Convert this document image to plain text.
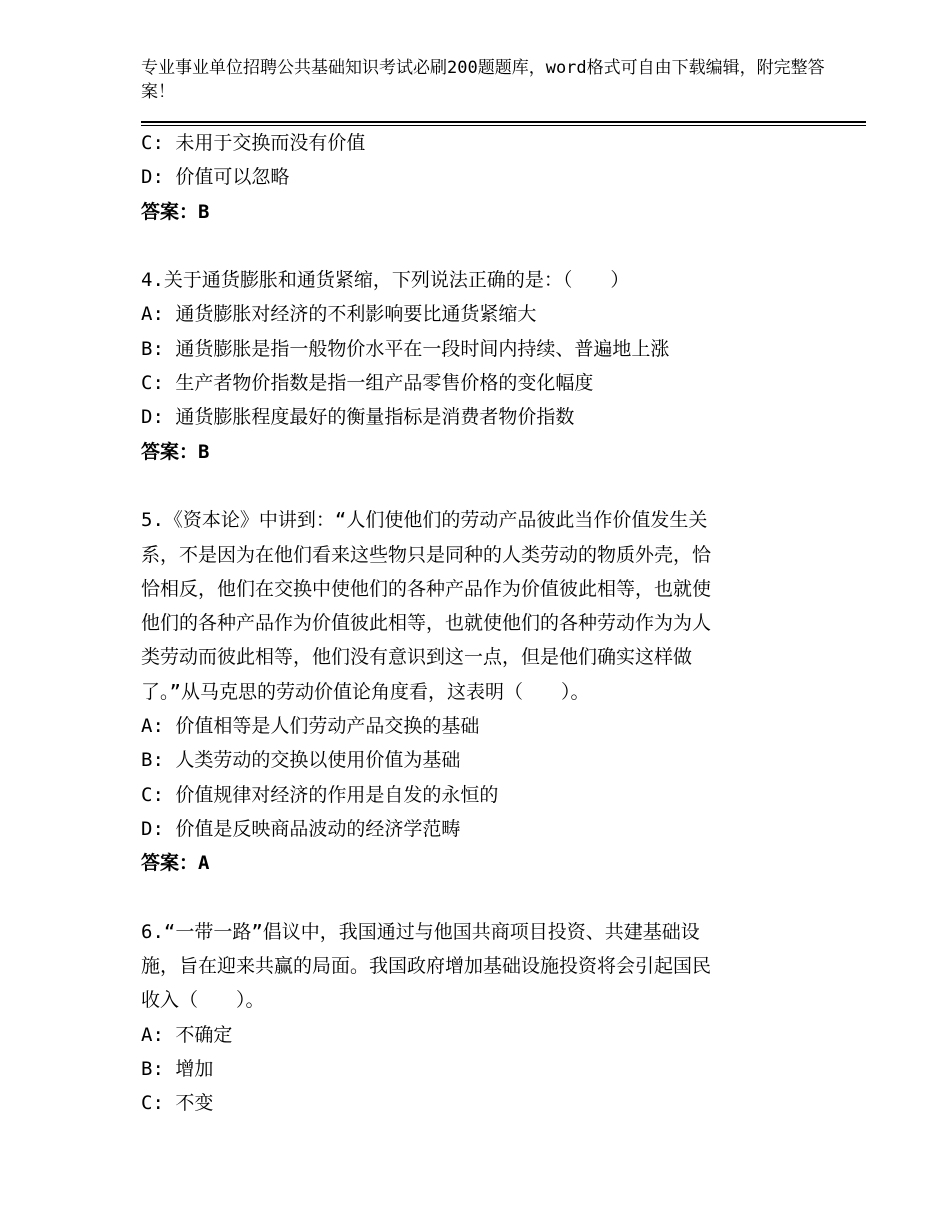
专业事业单位招聘公共基础知识考试必刷200题题库，word格式可自由下载编辑，附完整答案！
C: 未用于交换而没有价值
D: 价值可以忽略
答案：B
4.关于通货膨胀和通货紧缩，下列说法正确的是：（　　）
A: 通货膨胀对经济的不利影响要比通货紧缩大
B: 通货膨胀是指一般物价水平在一段时间内持续、普遍地上涨
C: 生产者物价指数是指一组产品零售价格的变化幅度
D: 通货膨胀程度最好的衡量指标是消费者物价指数
答案：B
5.《资本论》中讲到：“人们使他们的劳动产品彼此当作价值发生关
系，不是因为在他们看来这些物只是同种的人类劳动的物质外壳，恰
恰相反，他们在交换中使他们的各种产品作为价值彼此相等，也就使
他们的各种产品作为价值彼此相等，也就使他们的各种劳动作为为人
类劳动而彼此相等，他们没有意识到这一点，但是他们确实这样做
了。”从马克思的劳动价值论角度看，这表明（　　）。
A: 价值相等是人们劳动产品交换的基础
B: 人类劳动的交换以使用价值为基础
C: 价值规律对经济的作用是自发的永恒的
D: 价值是反映商品波动的经济学范畴
答案：A
6.“一带一路”倡议中，我国通过与他国共商项目投资、共建基础设
施，旨在迎来共赢的局面。我国政府增加基础设施投资将会引起国民
收入（　　）。
A: 不确定
B: 增加
C: 不变
